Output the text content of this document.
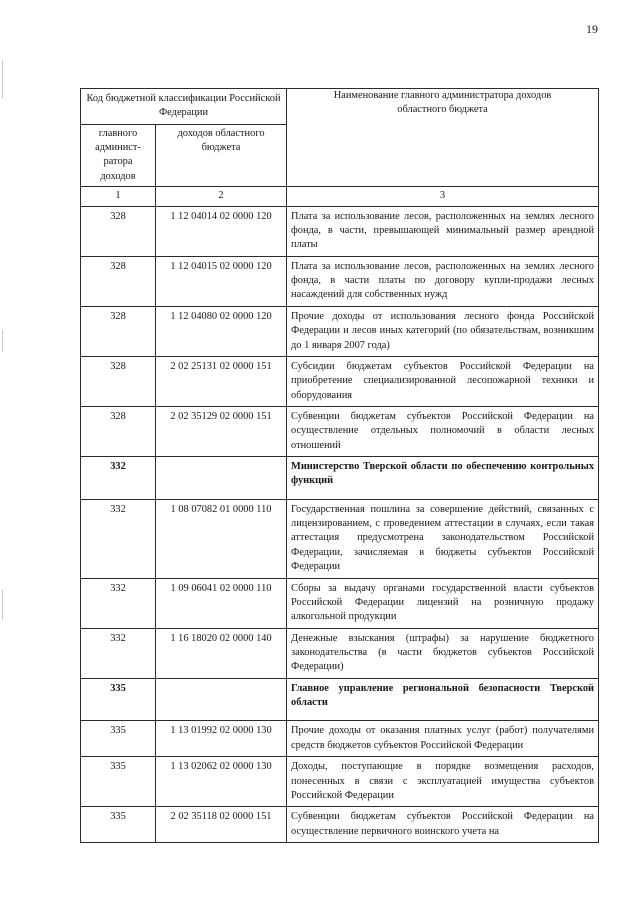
19
Код бюджетной классификации Российской Федерации		Наименование главного администратора доходов областного бюджета
главного админист-ратора доходов	доходов областного бюджета	
1	2	3
328	1 12 04014 02 0000 120	Плата за использование лесов, расположенных на землях лесного фонда, в части, превышающей минимальный размер арендной платы
328	1 12 04015 02 0000 120	Плата за использование лесов, расположенных на землях лесного фонда, в части платы по договору купли-продажи лесных насаждений для собственных нужд
328	1 12 04080 02 0000 120	Прочие доходы от использования лесного фонда Российской Федерации и лесов иных категорий (по обязательствам, возникшим до 1 января 2007 года)
328	2 02 25131 02 0000 151	Субсидии бюджетам субъектов Российской Федерации на приобретение специализированной лесопожарной техники и оборудования
328	2 02 35129 02 0000 151	Субвенции бюджетам субъектов Российской Федерации на осуществление отдельных полномочий в области лесных отношений
332		Министерство Тверской области по обеспечению контрольных функций
332	1 08 07082 01 0000 110	Государственная пошлина за совершение действий, связанных с лицензированием, с проведением аттестации в случаях, если такая аттестация предусмотрена законодательством Российской Федерации, зачисляемая в бюджеты субъектов Российской Федерации
332	1 09 06041 02 0000 110	Сборы за выдачу органами государственной власти субъектов Российской Федерации лицензий на розничную продажу алкогольной продукции
332	1 16 18020 02 0000 140	Денежные взыскания (штрафы) за нарушение бюджетного законодательства (в части бюджетов субъектов Российской Федерации)
335		Главное управление региональной безопасности Тверской области
335	1 13 01992 02 0000 130	Прочие доходы от оказания платных услуг (работ) получателями средств бюджетов субъектов Российской Федерации
335	1 13 02062 02 0000 130	Доходы, поступающие в порядке возмещения расходов, понесенных в связи с эксплуатацией имущества субъектов Российской Федерации
335	2 02 35118 02 0000 151	Субвенции бюджетам субъектов Российской Федерации на осуществление первичного воинского учета на
